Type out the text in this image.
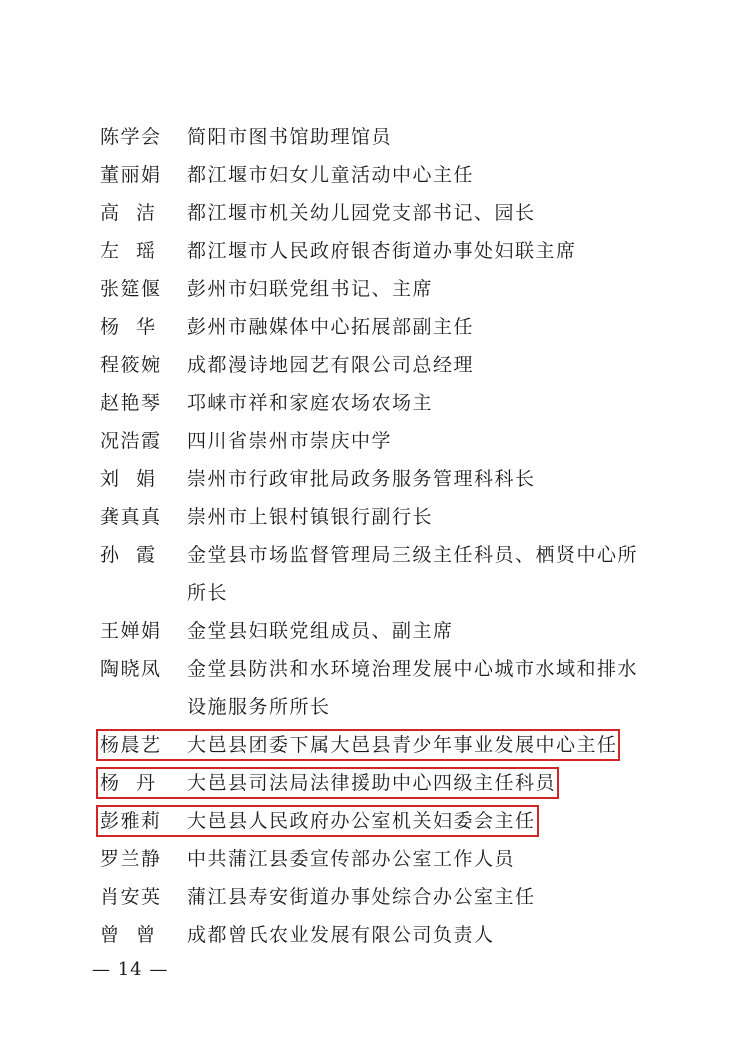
陈学会	简阳市图书馆助理馆员
董丽娟	都江堰市妇女儿童活动中心主任
高洁 都江堰市机关幼儿园党支部书记、园长
左瑶 都江堰市人民政府银杏街道办事处妇联主席
张筵偃	彭州市妇联党组书记、主席
杨华 彭州市融媒体中心拓展部副主任
程筱婉	成都漫诗地园艺有限公司总经理
赵艳琴	邛崃市祥和家庭农场农场主
况浩霞	四川省崇州市崇庆中学
刘娟 崇州市行政审批局政务服务管理科科长
龚真真	崇州市上银村镇银行副行长
孙霞 金堂县市场监督管理局三级主任科员、栖贤中心所所长
王婵娟	金堂县妇联党组成员、副主席
陶晓凤	金堂县防洪和水环境治理发展中心城市水域和排水设施服务所所长
杨晨艺	大邑县团委下属大邑县青少年事业发展中心主任
杨丹 大邑县司法局法律援助中心四级主任科员
彭雅莉	大邑县人民政府办公室机关妇委会主任
罗兰静	中共蒲江县委宣传部办公室工作人员
肖安英	蒲江县寿安街道办事处综合办公室主任
曾曾 成都曾氏农业发展有限公司负责人
— 14 —
